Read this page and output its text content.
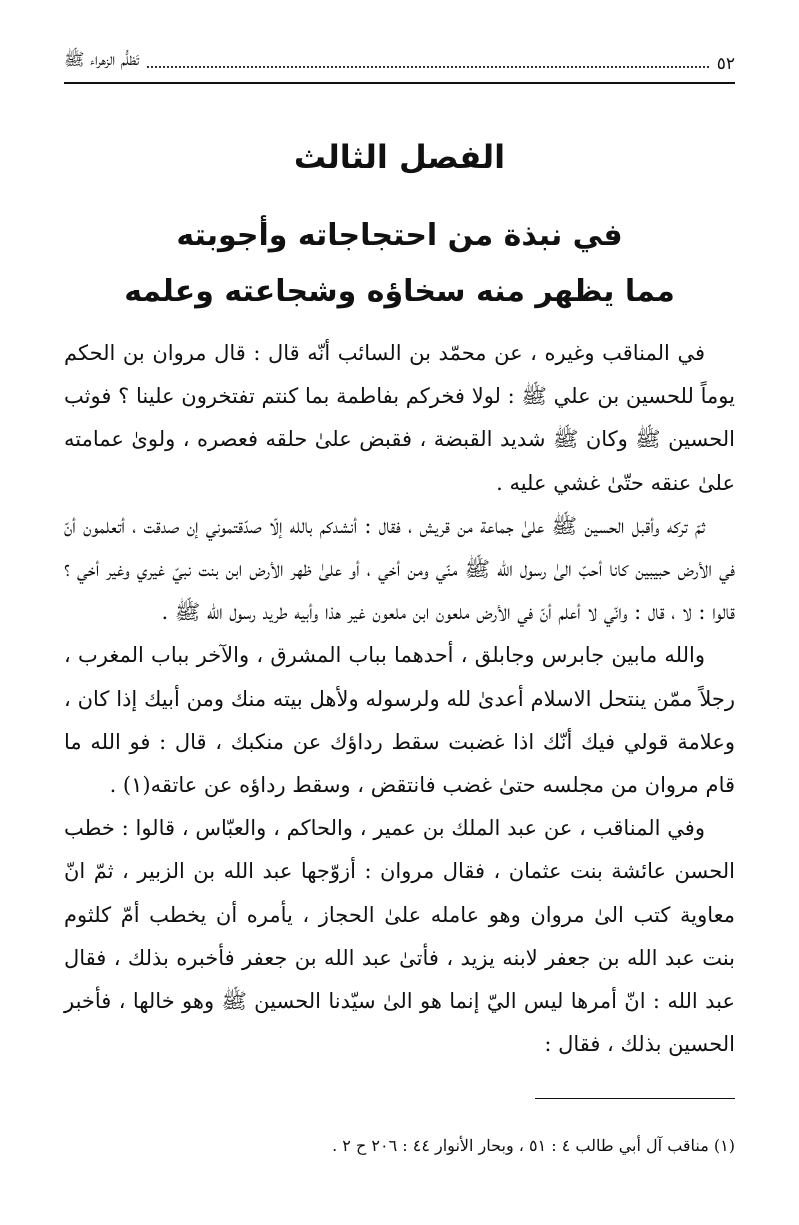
٥٢
تَظلُّم الزهراء ﷺ
الفصل الثالث
في نبذة من احتجاجاته وأجوبته
مما يظهر منه سخاؤه وشجاعته وعلمه

في المناقب وغيره ، عن محمّد بن السائب أنّه قال : قال مروان بن الحكم يوماً للحسين بن علي ﷺ : لولا فخركم بفاطمة بما كنتم تفتخرون علينا ؟ فوثب الحسين ﷺ وكان ﷺ شديد القبضة ، فقبض علىٰ حلقه فعصره ، ولوىٰ عمامته علىٰ عنقه حتّىٰ غشي عليه .

ثمّ تركه وأقبل الحسين ﷺ علىٰ جماعة من قريش ، فقال : أنشدكم بالله إلّا صدّقتموني إن صدقت ، أتعلمون أنّ في الأرض حبيبين كانا أحبّ الىٰ رسول الله ﷺ منّي ومن أخي ، أو علىٰ ظهر الأرض ابن بنت نبيّ غيري وغير أخي ؟ قالوا : لا ، قال : وانّي لا أعلم أنّ في الأرض ملعون ابن ملعون غير هذا وأبيه طريد رسول الله ﷺ .

والله مابين جابرس وجابلق ، أحدهما بباب المشرق ، والآخر بباب المغرب ، رجلاً ممّن ينتحل الاسلام أعدىٰ لله ولرسوله ولأهل بيته منك ومن أبيك إذا كان ، وعلامة قولي فيك أنّك اذا غضبت سقط رداؤك عن منكبك ، قال : فو الله ما قام مروان من مجلسه حتىٰ غضب فانتقض ، وسقط رداؤه عن عاتقه(١) .

وفي المناقب ، عن عبد الملك بن عمير ، والحاكم ، والعبّاس ، قالوا : خطب الحسن عائشة بنت عثمان ، فقال مروان : أزوّجها عبد الله بن الزبير ، ثمّ انّ معاوية كتب الىٰ مروان وهو عامله علىٰ الحجاز ، يأمره أن يخطب أمّ كلثوم بنت عبد الله بن جعفر لابنه يزيد ، فأتىٰ عبد الله بن جعفر فأخبره بذلك ، فقال عبد الله : انّ أمرها ليس اليّ إنما هو الىٰ سيّدنا الحسين ﷺ وهو خالها ، فأخبر الحسين بذلك ، فقال :

(١) مناقب آل أبي طالب ٤ : ٥١ ، وبحار الأنوار ٤٤ : ٢٠٦ ح ٢ .
